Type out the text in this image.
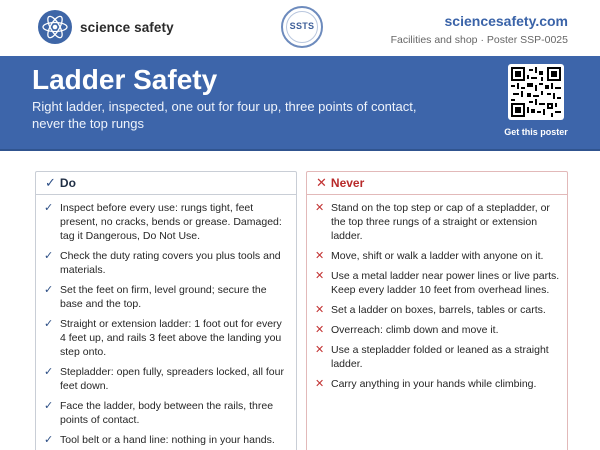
science safety	SSTS	sciencesafety.com
Facilities and shop · Poster SSP-0025
Ladder Safety

Right ladder, inspected, one out for four up, three points of contact, never the top rungs

Get this poster
✓ Do
✓ Inspect before every use: rungs tight, feet present, no cracks, bends or grease. Damaged: tag it Dangerous, Do Not Use.
✓ Check the duty rating covers you plus tools and materials.
✓ Set the feet on firm, level ground; secure the base and the top.
✓ Straight or extension ladder: 1 foot out for every 4 feet up, and rails 3 feet above the landing you step onto.
✓ Stepladder: open fully, spreaders locked, all four feet down.
✓ Face the ladder, body between the rails, three points of contact.
✓ Tool belt or a hand line: nothing in your hands.
✕ Never
✕ Stand on the top step or cap of a stepladder, or the top three rungs of a straight or extension ladder.
✕ Move, shift or walk a ladder with anyone on it.
✕ Use a metal ladder near power lines or live parts. Keep every ladder 10 feet from overhead lines.
✕ Set a ladder on boxes, barrels, tables or carts.
✕ Overreach: climb down and move it.
✕ Use a stepladder folded or leaned as a straight ladder.
✕ Carry anything in your hands while climbing.
